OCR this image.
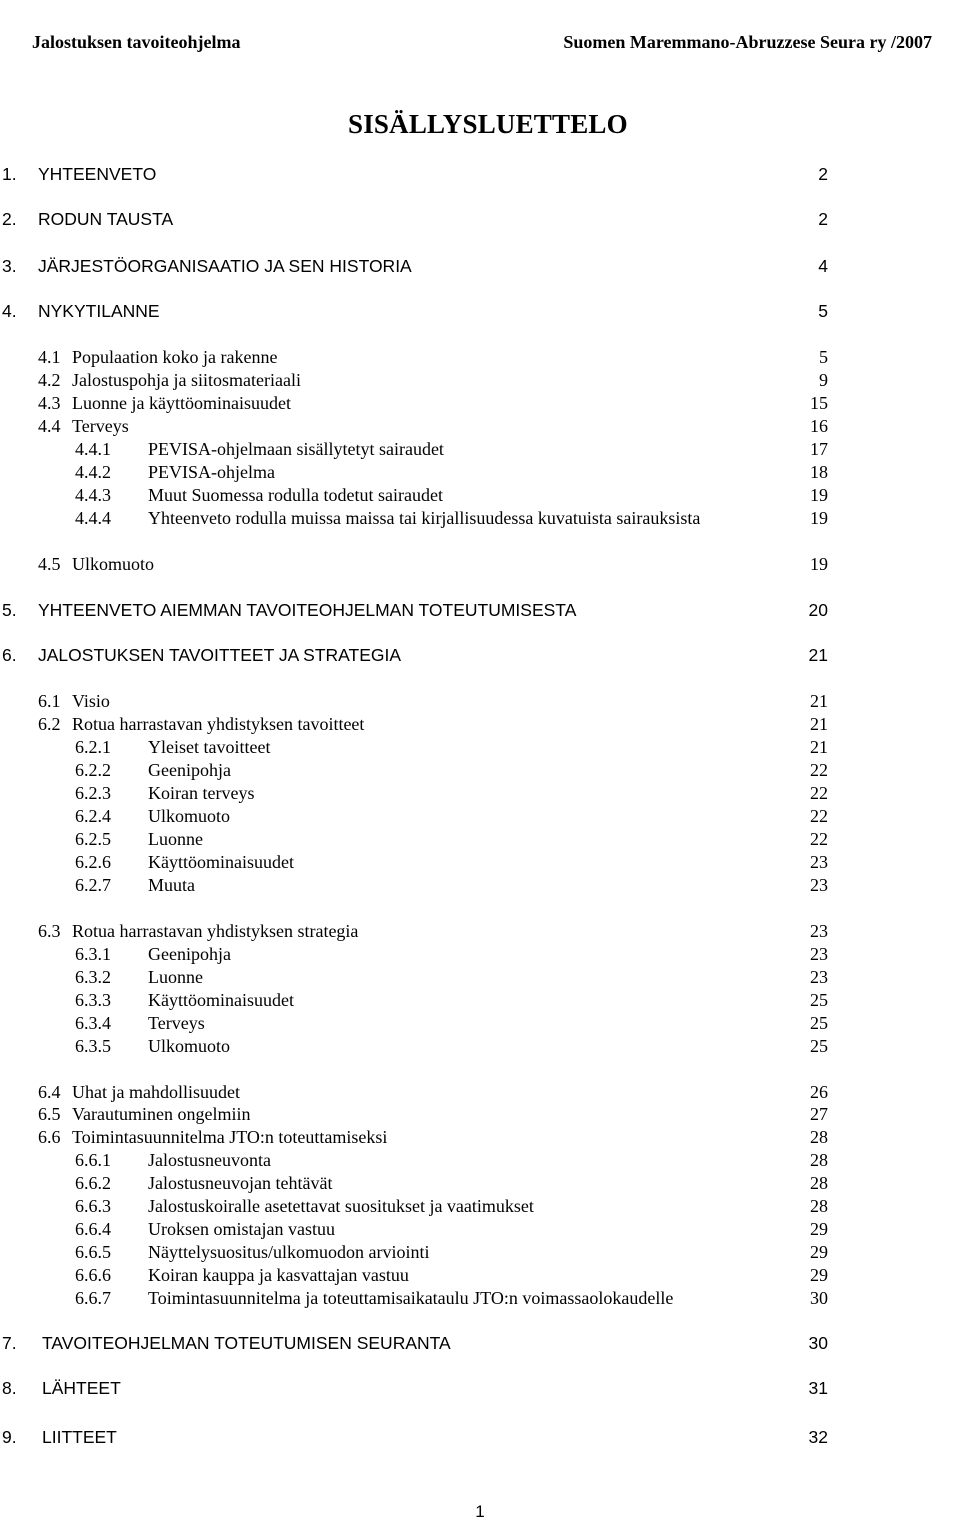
Jalostuksen tavoiteohjelma	Suomen Maremmano-Abruzzese Seura ry /2007
SISÄLLYSLUETTELO
1. YHTEENVETO	2
2. RODUN TAUSTA	2
3. JÄRJESTÖORGANISAATIO JA SEN HISTORIA	4
4. NYKYTILANNE	5
4.1 Populaation koko ja rakenne	5
4.2 Jalostuspohja ja siitosmateriaali	9
4.3 Luonne ja käyttöominaisuudet	15
4.4 Terveys	16
4.4.1 PEVISA-ohjelmaan sisällytetyt sairaudet	17
4.4.2 PEVISA-ohjelma	18
4.4.3 Muut Suomessa rodulla todetut sairaudet	19
4.4.4 Yhteenveto rodulla muissa maissa tai kirjallisuudessa kuvatuista sairauksista	19
4.5 Ulkomuoto	19
5. YHTEENVETO AIEMMAN TAVOITEOHJELMAN TOTEUTUMISESTA	20
6. JALOSTUKSEN TAVOITTEET JA STRATEGIA	21
6.1 Visio	21
6.2 Rotua harrastavan yhdistyksen tavoitteet	21
6.2.1 Yleiset tavoitteet	21
6.2.2 Geenipohja	22
6.2.3 Koiran terveys	22
6.2.4 Ulkomuoto	22
6.2.5 Luonne	22
6.2.6 Käyttöominaisuudet	23
6.2.7 Muuta	23
6.3 Rotua harrastavan yhdistyksen strategia	23
6.3.1 Geenipohja	23
6.3.2 Luonne	23
6.3.3 Käyttöominaisuudet	25
6.3.4 Terveys	25
6.3.5 Ulkomuoto	25
6.4 Uhat ja mahdollisuudet	26
6.5 Varautuminen ongelmiin	27
6.6 Toimintasuunnitelma JTO:n toteuttamiseksi	28
6.6.1 Jalostusneuvonta	28
6.6.2 Jalostusneuvojan tehtävät	28
6.6.3 Jalostuskoiralle asetettavat suositukset ja vaatimukset	28
6.6.4 Uroksen omistajan vastuu	29
6.6.5 Näyttelysuositus/ulkomuodon arviointi	29
6.6.6 Koiran kauppa ja kasvattajan vastuu	29
6.6.7 Toimintasuunnitelma ja toteuttamisaikataulu JTO:n voimassaolokaudelle	30
7. TAVOITEOHJELMAN TOTEUTUMISEN SEURANTA	30
8. LÄHTEET	31
9. LIITTEET	32
1
